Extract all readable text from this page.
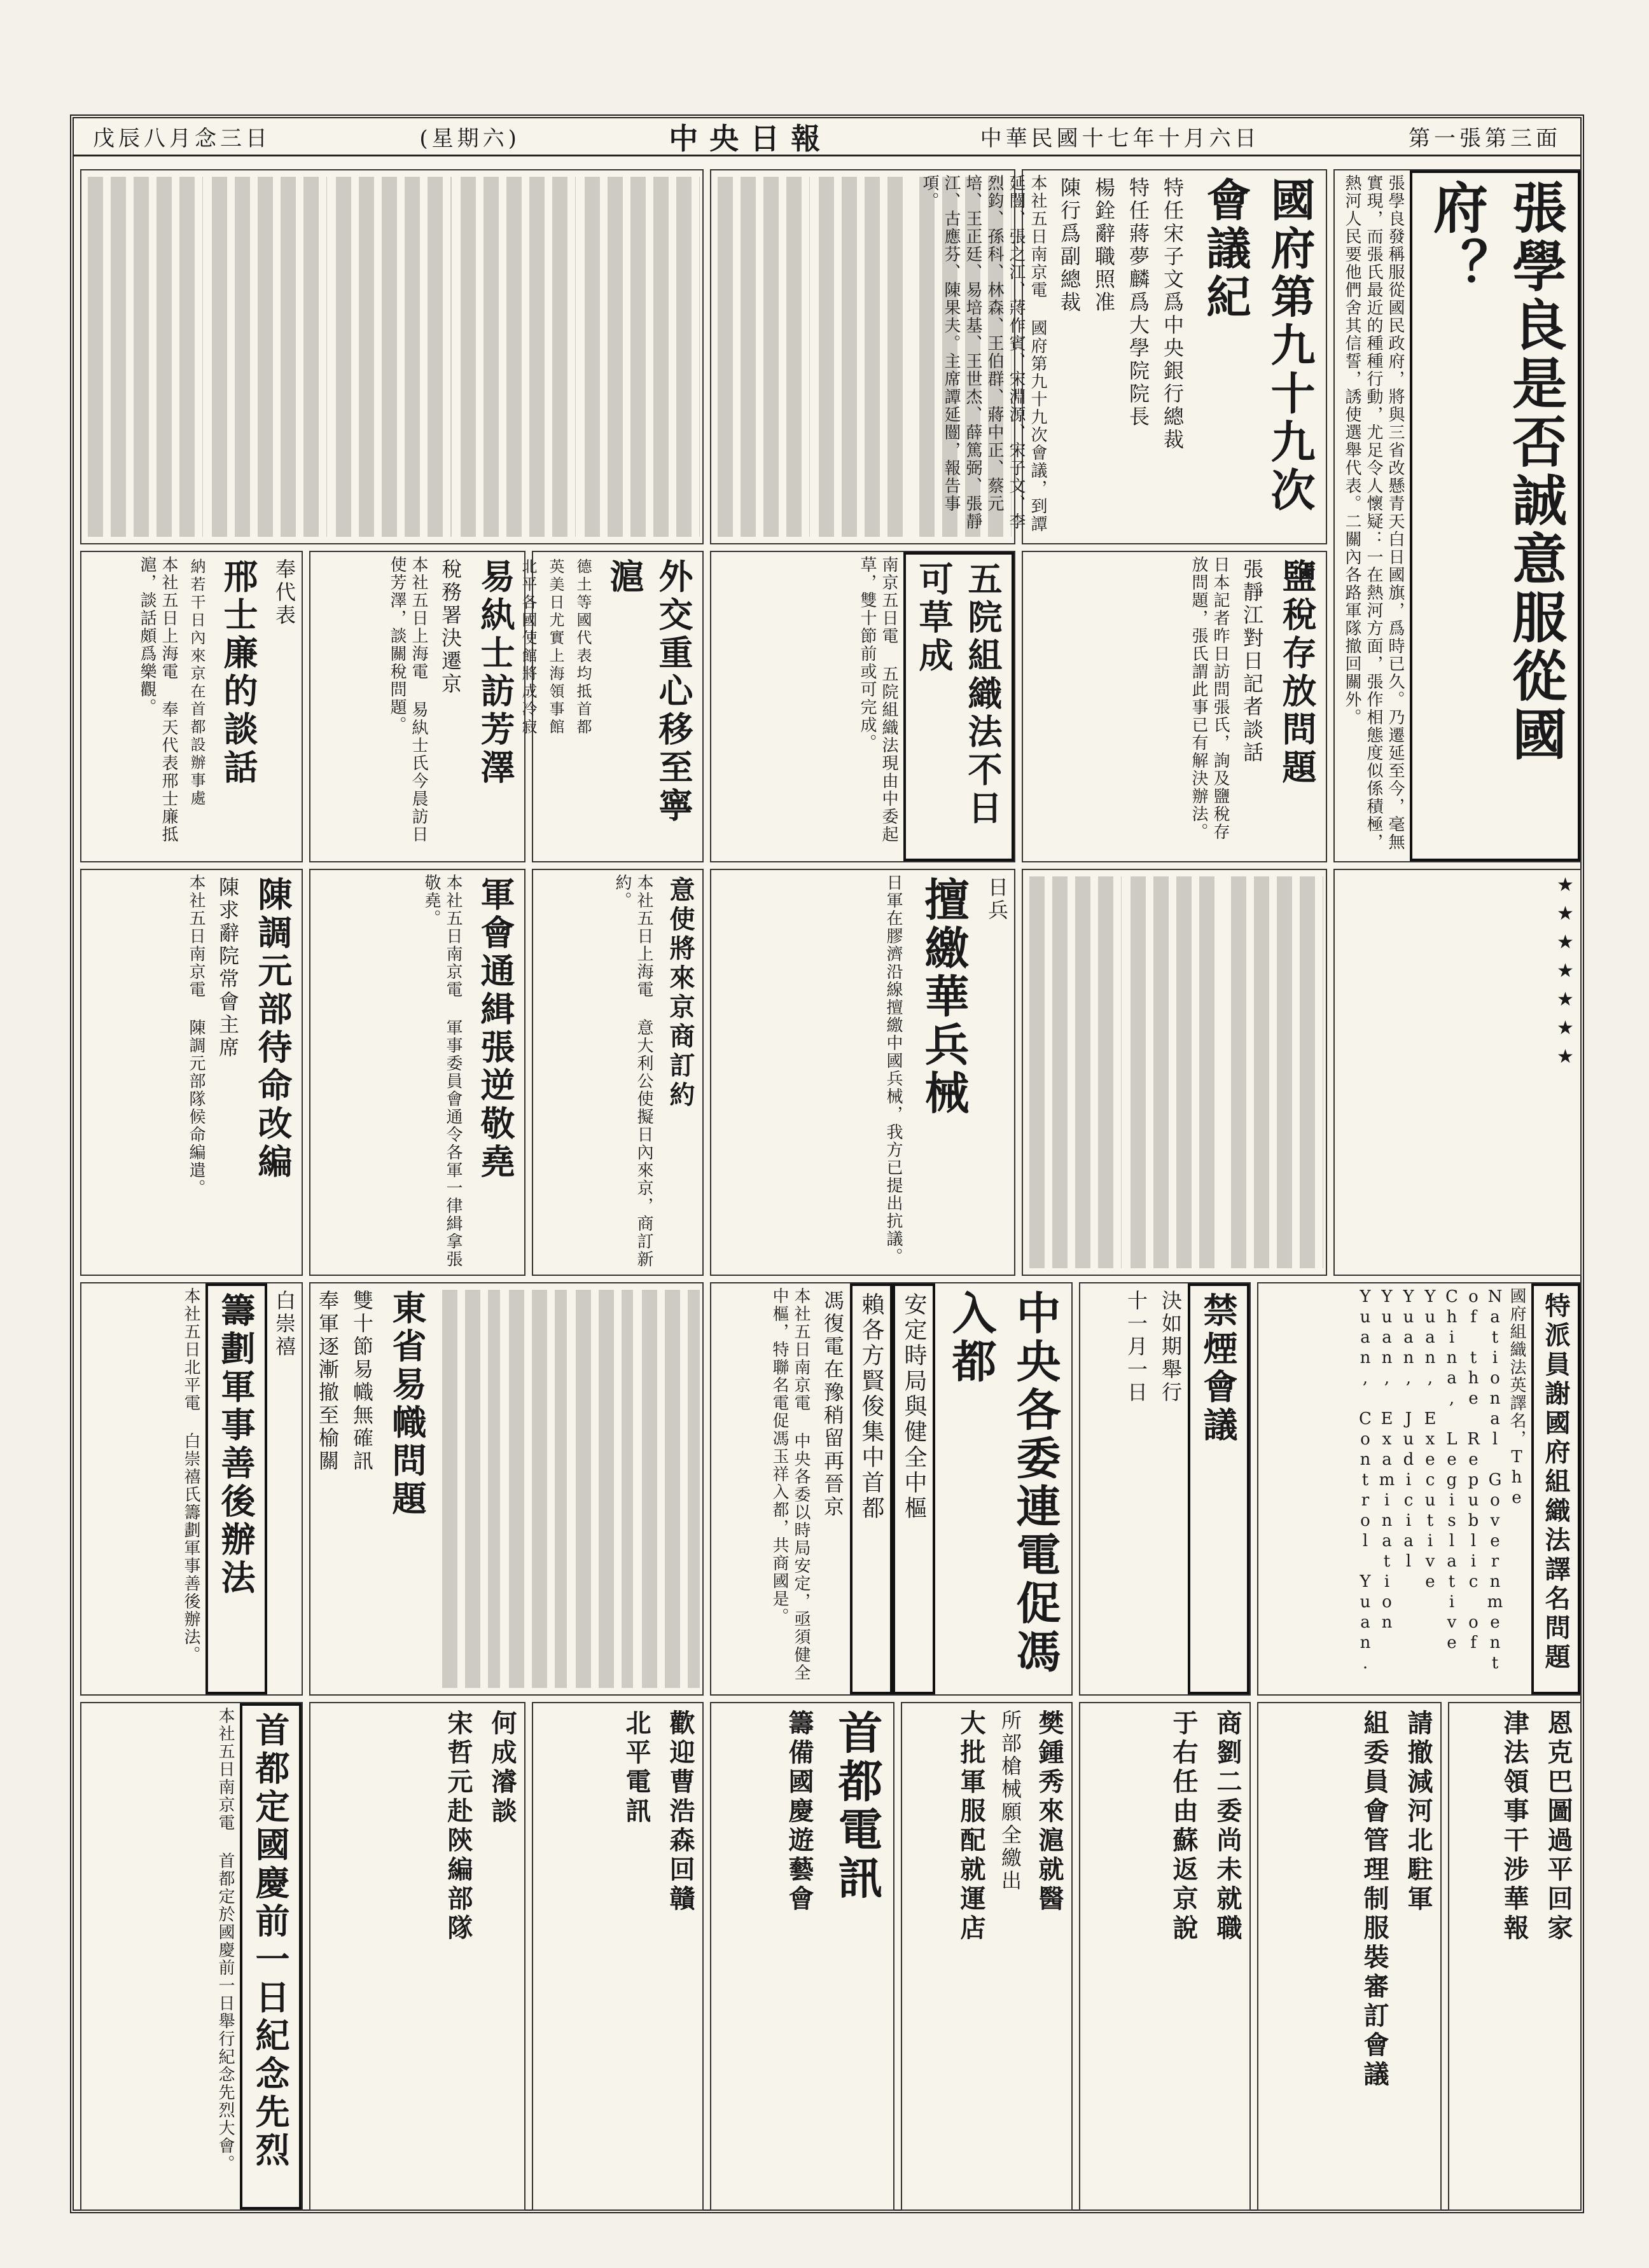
戊辰八月念三日	(星期六)	中央日報	中華民國十七年十月六日	第一張第三面
張學良是否誠意服從國府？
張學良發稱服從國民政府，將與三省改懸青天白日國旗，爲時已久。乃遷延至今，毫無實現，而張氏最近的種種行動，尤足令人懷疑：一在熱河方面，張作相態度似係積極，熱河人民要他們舍其信誓，誘使選舉代表。二關內各路軍隊撤回關外。
國府第九十九次會議紀
特任宋子文爲中央銀行總裁
特任蔣夢麟爲大學院院長
楊銓辭職照准
陳行爲副總裁
本社五日南京電 國府第九十九次會議，到譚延闓、張之江、蔣作賓、宋淵源、宋子文、李烈鈞、孫科、林森、王伯群、蔣中正、蔡元培、王正廷、易培基、王世杰、薛篤弼、張靜江、古應芬、陳果夫。主席譚延闓，報告事項。
鹽稅存放問題
張靜江對日記者談話
日本記者昨日訪問張氏，詢及鹽稅存放問題，張氏謂此事已有解決辦法。
五院組織法不日可草成
南京五日電 五院組織法現由中委起草，雙十節前或可完成。
外交重心移至寧滬
德土等國代表均抵首都
英美日尤實上海領事館
北平各國使館將成冷寂
易紈士訪芳澤
稅務署決遷京
本社五日上海電 易紈士氏今晨訪日使芳澤，談關稅問題。
奉代表
邢士廉的談話
納若干日內來京在首都設辦事處
本社五日上海電 奉天代表邢士廉抵滬，談話頗爲樂觀。
★★★★★★★
日兵
擅繳華兵械
日軍在膠濟沿線擅繳中國兵械，我方已提出抗議。
意使將來京商訂約
本社五日上海電 意大利公使擬日內來京，商訂新約。
軍會通緝張逆敬堯
本社五日南京電 軍事委員會通令各軍一律緝拿張敬堯。
陳調元部待命改編
陳求辭院常會主席
本社五日南京電 陳調元部隊候命編遣。
特派員謝國府組織法譯名問題
國府組織法英譯名，The National Government of the Republic of China, Legislative Yuan, Executive Yuan, Judicial Yuan, Examination Yuan, Control Yuan.
禁煙會議
決如期舉行
十一月一日
中央各委連電促馮入都
安定時局與健全中樞
賴各方賢俊集中首都
馮復電在豫稍留再晉京
本社五日南京電 中央各委以時局安定，亟須健全中樞，特聯名電促馮玉祥入都，共商國是。
東省易幟問題
雙十節易幟無確訊
奉軍逐漸撤至榆關
白崇禧
籌劃軍事善後辦法
本社五日北平電 白崇禧氏籌劃軍事善後辦法。
恩克巴圖過平回家
津法領事干涉華報
請撤減河北駐軍
組委員會管理制服裝審訂會議
商劉二委尚未就職
于右任由蘇返京說
樊鍾秀來滬就醫
所部槍械願全繳出
大批軍服配就運店
首都電訊
籌備國慶遊藝會
歡迎曹浩森回贛
北平電訊
何成濬談
宋哲元赴陝編部隊
首都定國慶前一日紀念先烈
本社五日南京電 首都定於國慶前一日舉行紀念先烈大會。
